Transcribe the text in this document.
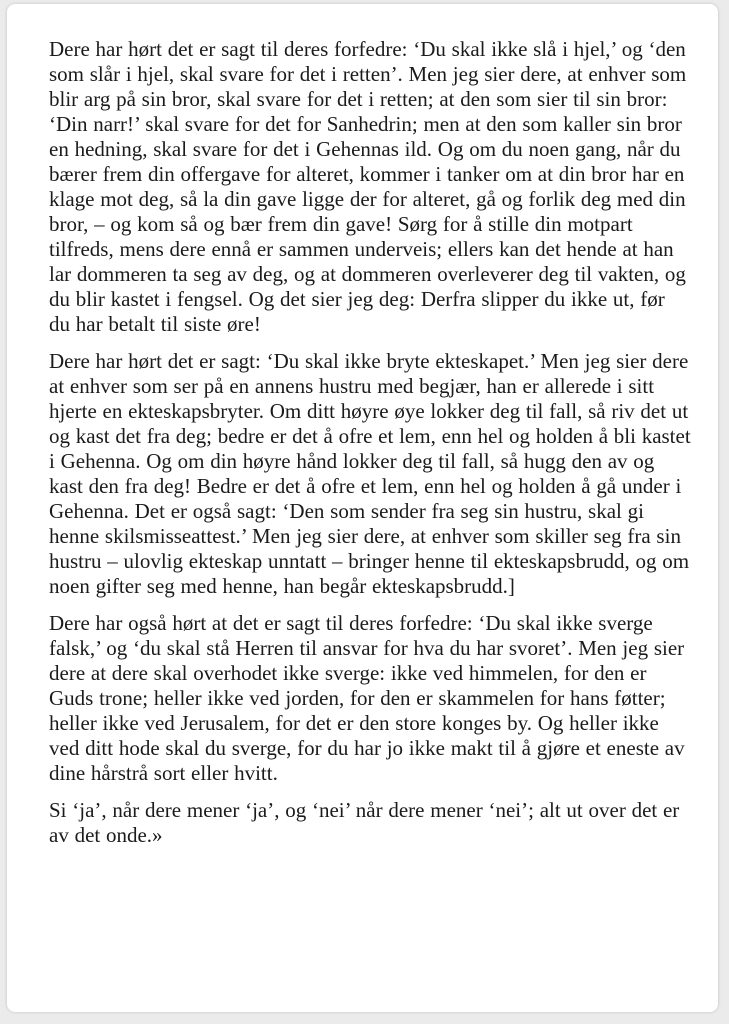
Dere har hørt det er sagt til deres forfedre: ‘Du skal ikke slå i hjel,’ og ‘den som slår i hjel, skal svare for det i retten’. Men jeg sier dere, at enhver som blir arg på sin bror, skal svare for det i retten; at den som sier til sin bror: ‘Din narr!’ skal svare for det for Sanhedrin; men at den som kaller sin bror en hedning, skal svare for det i Gehennas ild. Og om du noen gang, når du bærer frem din offergave for alteret, kommer i tanker om at din bror har en klage mot deg, så la din gave ligge der for alteret, gå og forlik deg med din bror, – og kom så og bær frem din gave! Sørg for å stille din motpart tilfreds, mens dere ennå er sammen underveis; ellers kan det hende at han lar dommeren ta seg av deg, og at dommeren overleverer deg til vakten, og du blir kastet i fengsel. Og det sier jeg deg: Derfra slipper du ikke ut, før du har betalt til siste øre!

Dere har hørt det er sagt: ‘Du skal ikke bryte ekteskapet.’ Men jeg sier dere at enhver som ser på en annens hustru med begjær, han er allerede i sitt hjerte en ekteskapsbryter. Om ditt høyre øye lokker deg til fall, så riv det ut og kast det fra deg; bedre er det å ofre et lem, enn hel og holden å bli kastet i Gehenna. Og om din høyre hånd lokker deg til fall, så hugg den av og kast den fra deg! Bedre er det å ofre et lem, enn hel og holden å gå under i Gehenna. Det er også sagt: ‘Den som sender fra seg sin hustru, skal gi henne skilsmisseattest.’ Men jeg sier dere, at enhver som skiller seg fra sin hustru – ulovlig ekteskap unntatt – bringer henne til ekteskapsbrudd, og om noen gifter seg med henne, han begår ekteskapsbrudd.]

Dere har også hørt at det er sagt til deres forfedre: ‘Du skal ikke sverge falsk,’ og ‘du skal stå Herren til ansvar for hva du har svoret’. Men jeg sier dere at dere skal overhodet ikke sverge: ikke ved himmelen, for den er Guds trone; heller ikke ved jorden, for den er skammelen for hans føtter; heller ikke ved Jerusalem, for det er den store konges by. Og heller ikke ved ditt hode skal du sverge, for du har jo ikke makt til å gjøre et eneste av dine hårstrå sort eller hvitt.

Si ‘ja’, når dere mener ‘ja’, og ‘nei’ når dere mener ‘nei’; alt ut over det er av det onde.»
